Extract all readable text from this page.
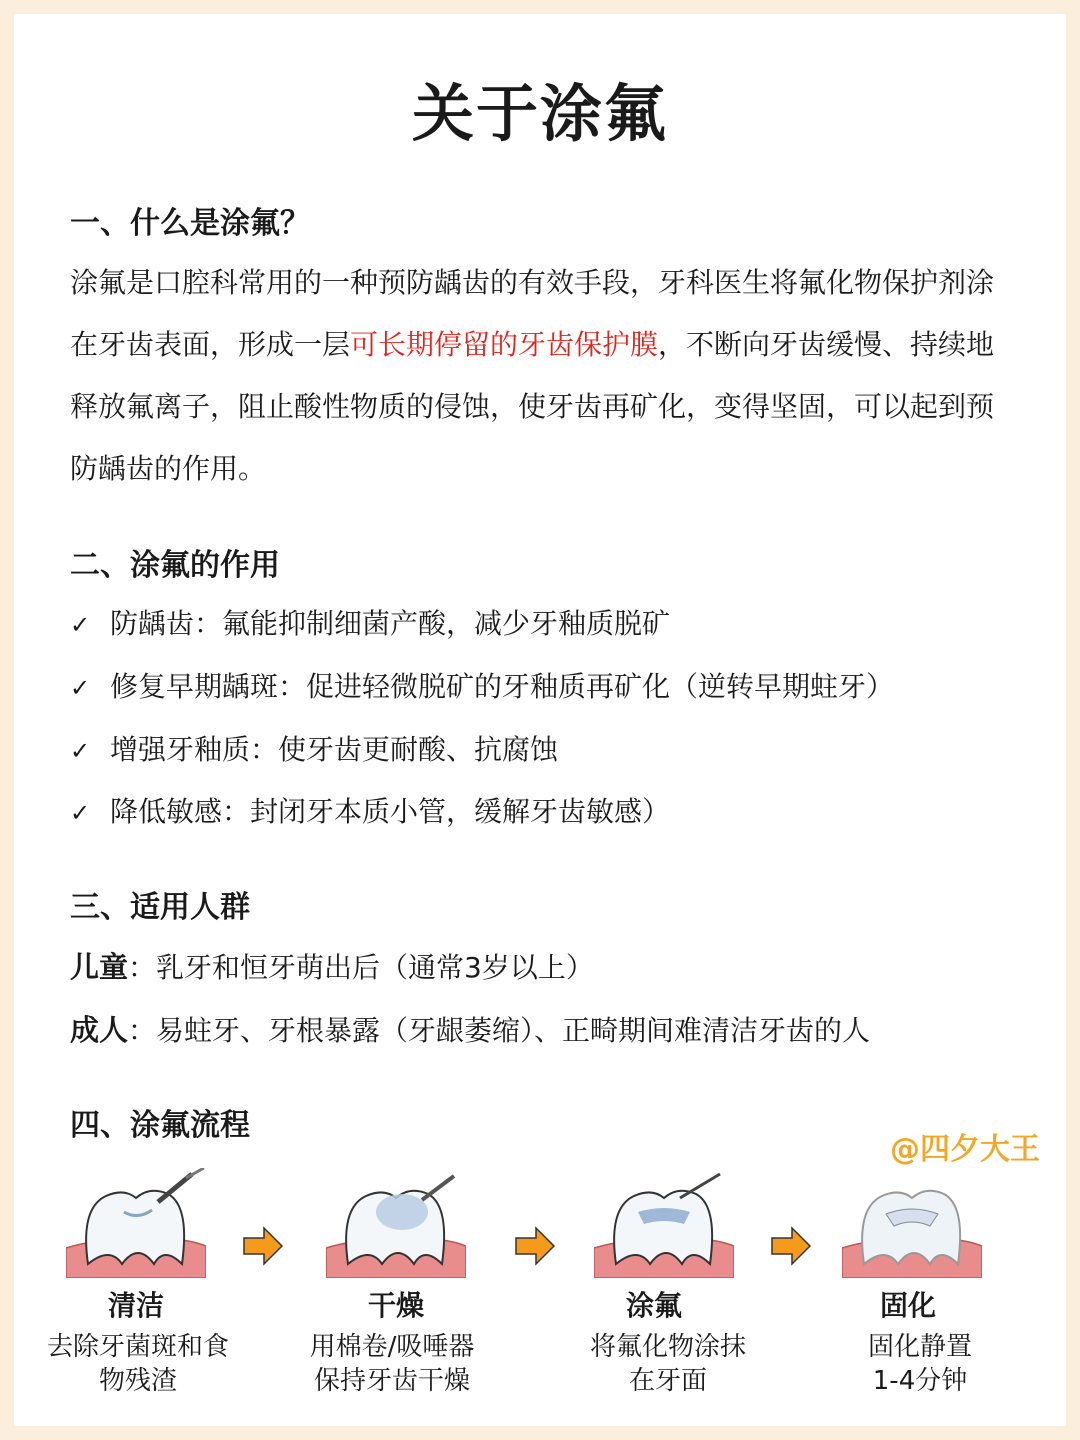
关于涂氟
一、什么是涂氟？
涂氟是口腔科常用的一种预防龋齿的有效手段，牙科医生将氟化物保护剂涂在牙齿表面，形成一层可长期停留的牙齿保护膜，不断向牙齿缓慢、持续地释放氟离子，阻止酸性物质的侵蚀，使牙齿再矿化，变得坚固，可以起到预防龋齿的作用。
二、涂氟的作用
✓ 防龋齿：氟能抑制细菌产酸，减少牙釉质脱矿
✓ 修复早期龋斑：促进轻微脱矿的牙釉质再矿化（逆转早期蛀牙）
✓ 增强牙釉质：使牙齿更耐酸、抗腐蚀
✓ 降低敏感：封闭牙本质小管，缓解牙齿敏感）
三、适用人群
儿童：乳牙和恒牙萌出后（通常3岁以上）
成人：易蛀牙、牙根暴露（牙龈萎缩）、正畸期间难清洁牙齿的人
四、涂氟流程
@四夕大王
清洁
去除牙菌斑和食
物残渣
干燥
用棉卷/吸唾器
保持牙齿干燥
涂氟
将氟化物涂抹
在牙面
固化
固化静置
1-4分钟
